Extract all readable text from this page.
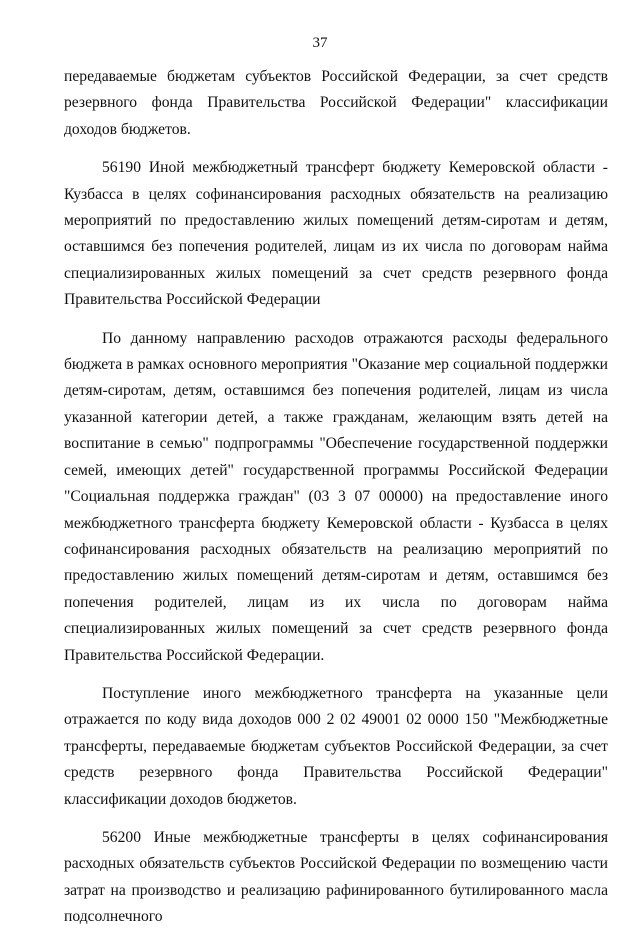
37

передаваемые бюджетам субъектов Российской Федерации, за счет средств резервного фонда Правительства Российской Федерации" классификации доходов бюджетов.

56190 Иной межбюджетный трансферт бюджету Кемеровской области - Кузбасса в целях софинансирования расходных обязательств на реализацию мероприятий по предоставлению жилых помещений детям-сиротам и детям, оставшимся без попечения родителей, лицам из их числа по договорам найма специализированных жилых помещений за счет средств резервного фонда Правительства Российской Федерации

По данному направлению расходов отражаются расходы федерального бюджета в рамках основного мероприятия "Оказание мер социальной поддержки детям-сиротам, детям, оставшимся без попечения родителей, лицам из числа указанной категории детей, а также гражданам, желающим взять детей на воспитание в семью" подпрограммы "Обеспечение государственной поддержки семей, имеющих детей" государственной программы Российской Федерации "Социальная поддержка граждан" (03 3 07 00000) на предоставление иного межбюджетного трансферта бюджету Кемеровской области - Кузбасса в целях софинансирования расходных обязательств на реализацию мероприятий по предоставлению жилых помещений детям-сиротам и детям, оставшимся без попечения родителей, лицам из их числа по договорам найма специализированных жилых помещений за счет средств резервного фонда Правительства Российской Федерации.

Поступление иного межбюджетного трансферта на указанные цели отражается по коду вида доходов 000 2 02 49001 02 0000 150 "Межбюджетные трансферты, передаваемые бюджетам субъектов Российской Федерации, за счет средств резервного фонда Правительства Российской Федерации" классификации доходов бюджетов.

56200 Иные межбюджетные трансферты в целях софинансирования расходных обязательств субъектов Российской Федерации по возмещению части затрат на производство и реализацию рафинированного бутилированного масла подсолнечного
